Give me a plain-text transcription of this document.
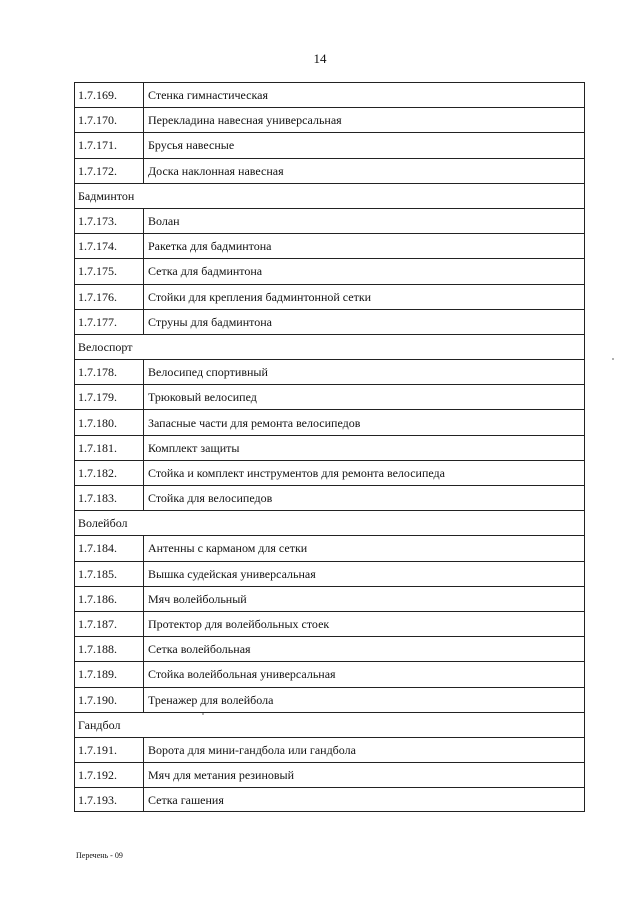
14
1.7.169.	Стенка гимнастическая
1.7.170.	Перекладина навесная универсальная
1.7.171.	Брусья навесные
1.7.172.	Доска наклонная навесная
Бадминтон
1.7.173.	Волан
1.7.174.	Ракетка для бадминтона
1.7.175.	Сетка для бадминтона
1.7.176.	Стойки для крепления бадминтонной сетки
1.7.177.	Струны для бадминтона
Велоспорт
1.7.178.	Велосипед спортивный
1.7.179.	Трюковый велосипед
1.7.180.	Запасные части для ремонта велосипедов
1.7.181.	Комплект защиты
1.7.182.	Стойка и комплект инструментов для ремонта велосипеда
1.7.183.	Стойка для велосипедов
Волейбол
1.7.184.	Антенны с карманом для сетки
1.7.185.	Вышка судейская универсальная
1.7.186.	Мяч волейбольный
1.7.187.	Протектор для волейбольных стоек
1.7.188.	Сетка волейбольная
1.7.189.	Стойка волейбольная универсальная
1.7.190.	Тренажер для волейбола
Гандбол
1.7.191.	Ворота для мини-гандбола или гандбола
1.7.192.	Мяч для метания резиновый
1.7.193.	Сетка гашения
Перечень - 09
